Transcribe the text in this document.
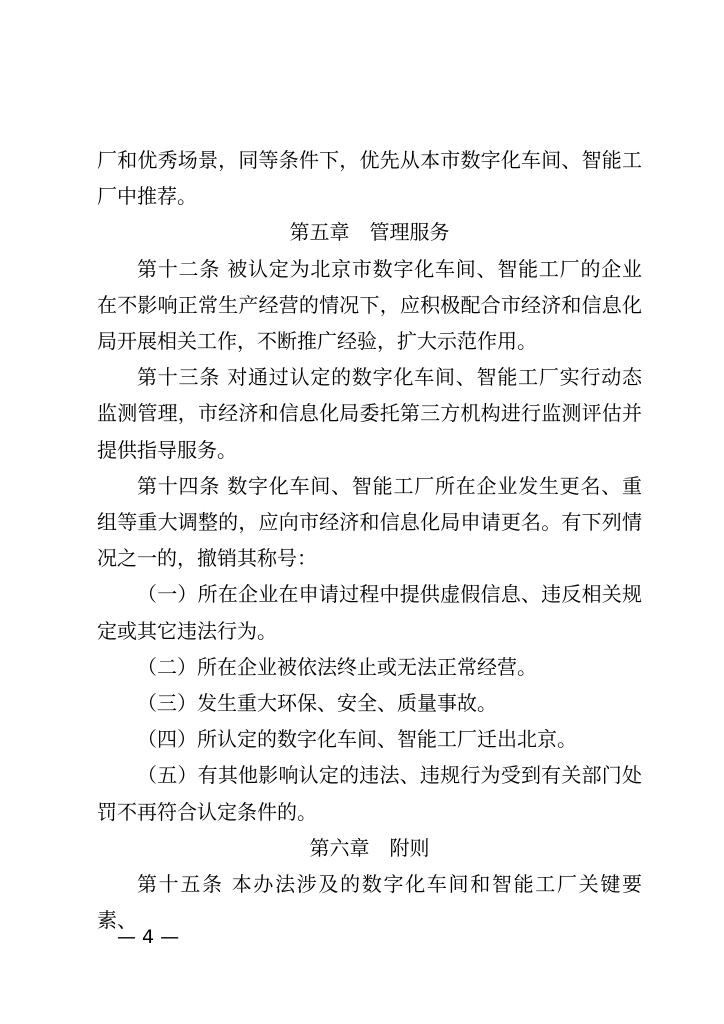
厂和优秀场景，同等条件下，优先从本市数字化车间、智能工厂中推荐。

第五章　管理服务

第十二条 被认定为北京市数字化车间、智能工厂的企业在不影响正常生产经营的情况下，应积极配合市经济和信息化局开展相关工作，不断推广经验，扩大示范作用。

第十三条 对通过认定的数字化车间、智能工厂实行动态监测管理，市经济和信息化局委托第三方机构进行监测评估并提供指导服务。

第十四条 数字化车间、智能工厂所在企业发生更名、重组等重大调整的，应向市经济和信息化局申请更名。有下列情况之一的，撤销其称号：

（一）所在企业在申请过程中提供虚假信息、违反相关规定或其它违法行为。

（二）所在企业被依法终止或无法正常经营。

（三）发生重大环保、安全、质量事故。

（四）所认定的数字化车间、智能工厂迁出北京。

（五）有其他影响认定的违法、违规行为受到有关部门处罚不再符合认定条件的。

第六章　附则

第十五条 本办法涉及的数字化车间和智能工厂关键要素、

— 4 —
